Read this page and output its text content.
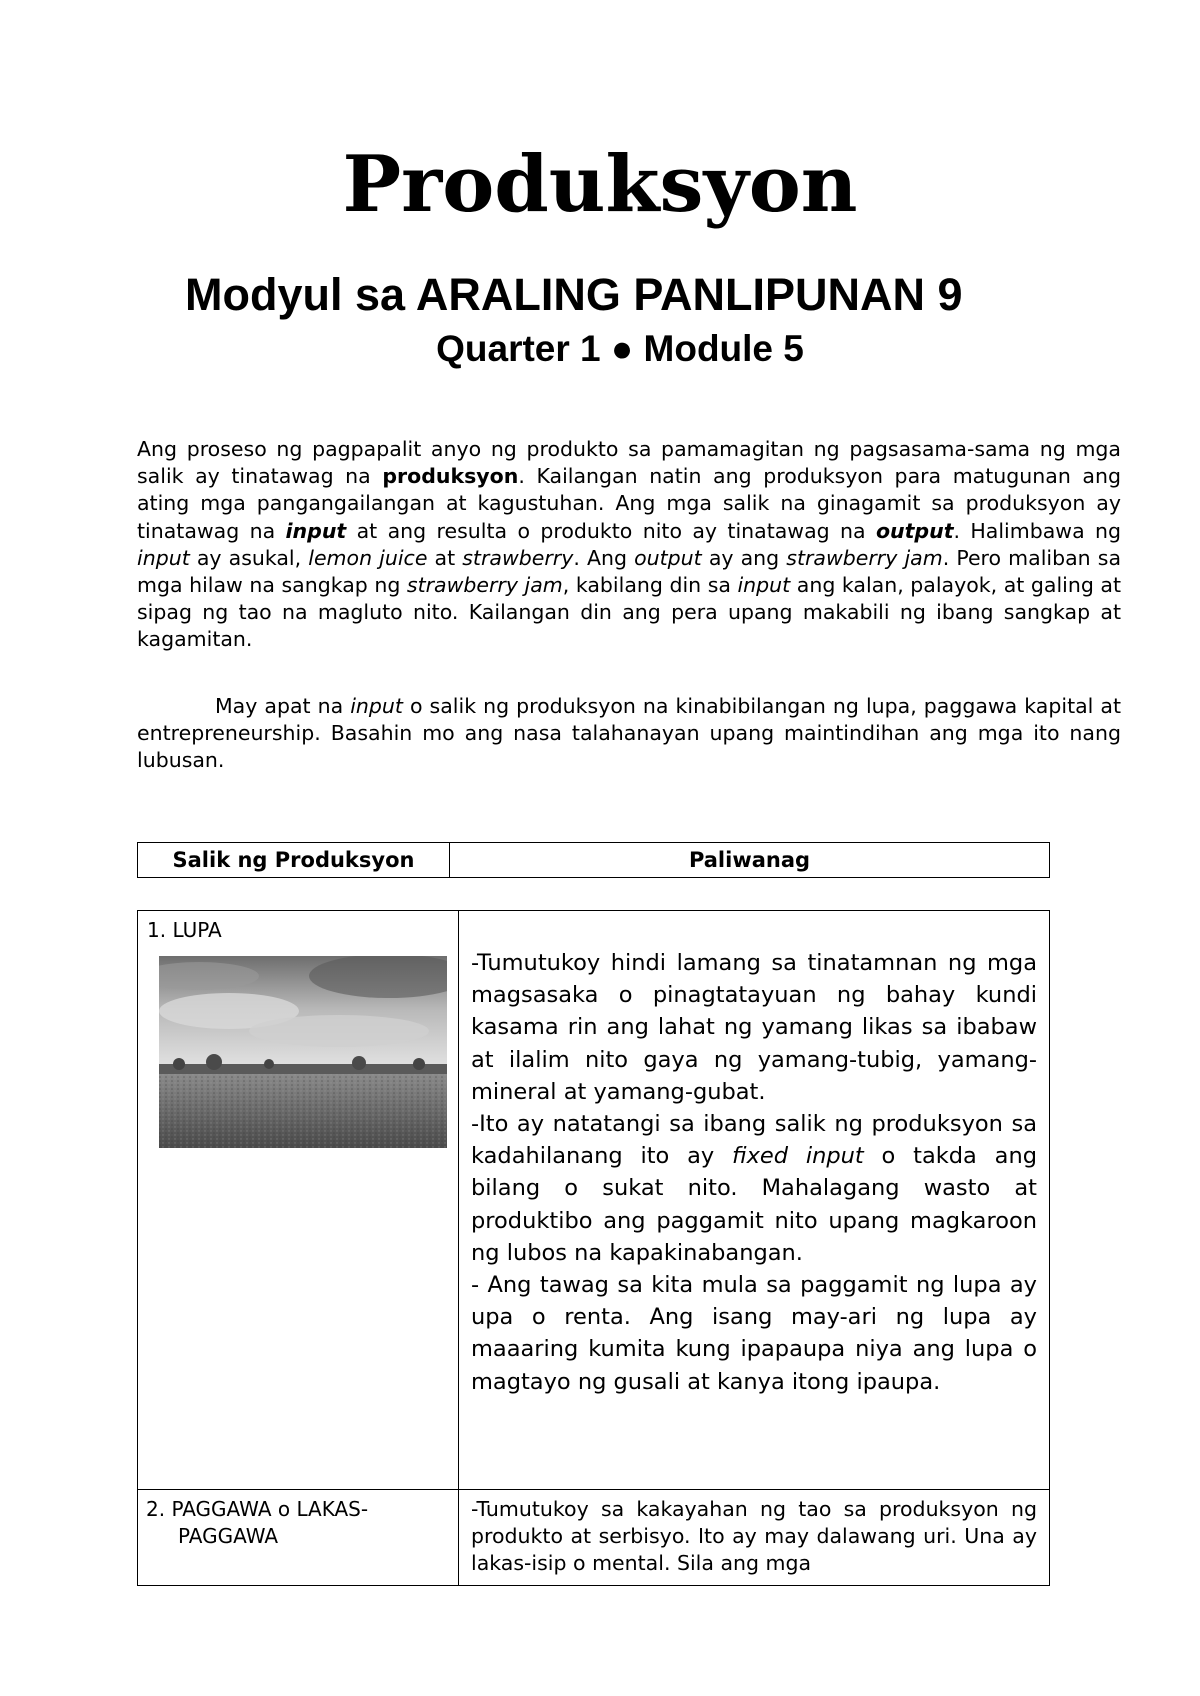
Produksyon
Modyul sa ARALING PANLIPUNAN 9
Quarter 1 ● Module 5

Ang proseso ng pagpapalit anyo ng produkto sa pamamagitan ng pagsasama-sama ng mga salik ay tinatawag na produksyon. Kailangan natin ang produksyon para matugunan ang ating mga pangangailangan at kagustuhan. Ang mga salik na ginagamit sa produksyon ay tinatawag na input at ang resulta o produkto nito ay tinatawag na output. Halimbawa ng input ay asukal, lemon juice at strawberry. Ang output ay ang strawberry jam. Pero maliban sa mga hilaw na sangkap ng strawberry jam, kabilang din sa input ang kalan, palayok, at galing at sipag ng tao na magluto nito. Kailangan din ang pera upang makabili ng ibang sangkap at kagamitan.

May apat na input o salik ng produksyon na kinabibilangan ng lupa, paggawa kapital at entrepreneurship. Basahin mo ang nasa talahanayan upang maintindihan ang mga ito nang lubusan.

Salik ng Produksyon	Paliwanag
1. LUPA	-Tumutukoy hindi lamang sa tinatamnan ng mga magsasaka o pinagtatayuan ng bahay kundi kasama rin ang lahat ng yamang likas sa ibabaw at ilalim nito gaya ng yamang-tubig, yamang-mineral at yamang-gubat.

-Ito ay natatangi sa ibang salik ng produksyon sa kadahilanang ito ay fixed input o takda ang bilang o sukat nito. Mahalagang wasto at produktibo ang paggamit nito upang magkaroon ng lubos na kapakinabangan.

- Ang tawag sa kita mula sa paggamit ng lupa ay upa o renta. Ang isang may-ari ng lupa ay maaaring kumita kung ipapaupa niya ang lupa o magtayo ng gusali at kanya itong ipaupa.

2. PAGGAWA o LAKAS-
PAGGAWA	-Tumutukoy sa kakayahan ng tao sa produksyon ng produkto at serbisyo. Ito ay may dalawang uri. Una ay lakas-isip o mental. Sila ang mga
